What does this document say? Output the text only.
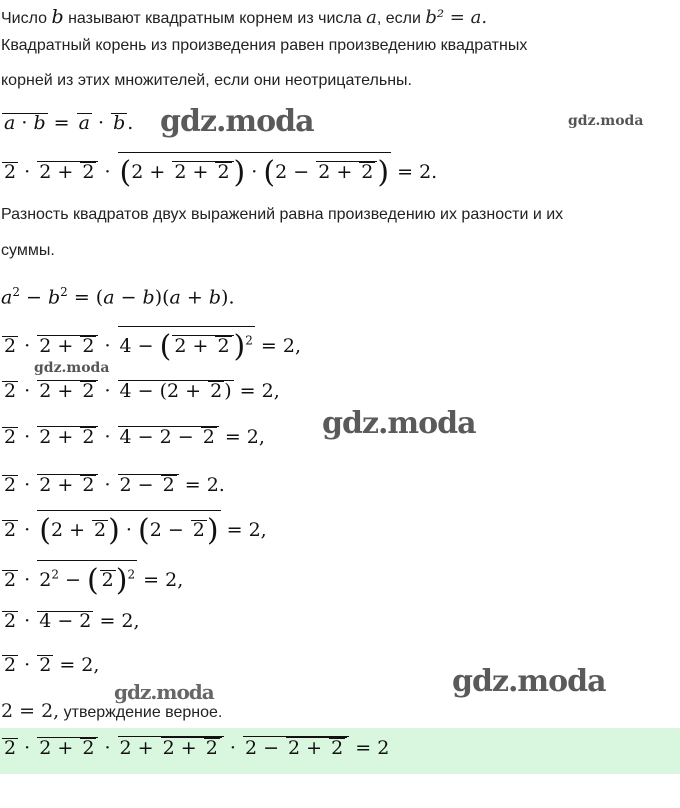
Число b называют квадратным корнем из числа a, если b² = a.
Квадратный корень из произведения равен произведению квадратных
корней из этих множителей, если они неотрицательны.
a · b = a · b .
2 · 2 + 2 · (2 + 2 + 2 ) · (2 − 2 + 2 ) = 2.
Разность квадратов двух выражений равна произведению их разности и их
суммы.
$a^2 - b^2 = (a - b)(a + b)$.
2 · 2 + 2 · 4 − ( 2 + 2 )$^2$ = 2,
2 · 2 + 2 · 4 − (2 + 2 ) = 2,
2 · 2 + 2 · 4 − 2 − 2 = 2,
2 · 2 + 2 · 2 − 2 = 2.
2 · (2 + 2) · (2 − 2) = 2,
$2 \cdot 2^2$ − ( 2)$^2$ = 2,
2 · 4 − 2 = 2,
2 · 2 = 2,
2 = 2, утверждение верное.
2 · 2 + 2 · 2 + 2 + 2 · 2 − 2 + 2 = 2
gdz.moda	gdz.moda
gdz.moda
gdz.moda
gdz.moda
gdz.moda
